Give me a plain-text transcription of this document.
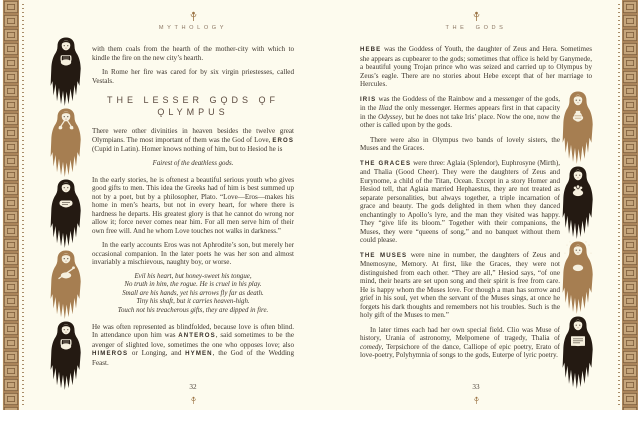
MYTHOLOGY

with them coals from the hearth of the mother-city with which to kindle the fire on the new city’s hearth.

In Rome her fire was cared for by six virgin priestesses, called Vestals.

THE LESSER GǪDS ǪF
ǪLYMPUS

There were other divinities in heaven besides the twelve great Olympians. The most important of them was the God of Love, EROS (Cupid in Latin). Homer knows nothing of him, but to Hesiod he is

Fairest of the deathless gods.

In the early stories, he is oftenest a beautiful serious youth who gives good gifts to men. This idea the Greeks had of him is best summed up not by a poet, but by a philosopher, Plato. “Love—Eros—makes his home in men’s hearts, but not in every heart, for where there is hardness he departs. His greatest glory is that he cannot do wrong nor allow it; force never comes near him. For all men serve him of their own free will. And he whom Love touches not walks in darkness.”

In the early accounts Eros was not Aphrodite’s son, but merely her occasional companion. In the later poets he was her son and almost invariably a mischievous, naughty boy, or worse.

Evil his heart, but honey-sweet his tongue,
No truth in him, the rogue. He is cruel in his play.
Small are his hands, yet his arrows fly far as death.
Tiny his shaft, but it carries heaven-high.
Touch not his treacherous gifts, they are dipped in fire.

He was often represented as blindfolded, because love is often blind. In attendance upon him was ANTEROS, said sometimes to be the avenger of slighted love, sometimes the one who opposes love; also HIMEROS or Longing, and HYMEN, the God of the Wedding Feast.

32
THE GODS

HEBE was the Goddess of Youth, the daughter of Zeus and Hera. Sometimes she appears as cupbearer to the gods; sometimes that office is held by Ganymede, a beautiful young Trojan prince who was seized and carried up to Olympus by Zeus’s eagle. There are no stories about Hebe except that of her marriage to Hercules.

IRIS was the Goddess of the Rainbow and a messenger of the gods, in the Iliad the only messenger. Hermes appears first in that capacity in the Odyssey, but he does not take Iris’ place. Now the one, now the other is called upon by the gods.

There were also in Olympus two bands of lovely sisters, the Muses and the Graces.

THE GRACES were three: Aglaia (Splendor), Euphrosyne (Mirth), and Thalia (Good Cheer). They were the daughters of Zeus and Eurynome, a child of the Titan, Ocean. Except in a story Homer and Hesiod tell, that Aglaia married Hephaestus, they are not treated as separate personalities, but always together, a triple incarnation of grace and beauty. The gods delighted in them when they danced enchantingly to Apollo’s lyre, and the man they visited was happy. They “give life its bloom.” Together with their companions, the Muses, they were “queens of song,” and no banquet without them could please.

THE MUSES were nine in number, the daughters of Zeus and Mnemosyne, Memory. At first, like the Graces, they were not distinguished from each other. “They are all,” Hesiod says, “of one mind, their hearts are set upon song and their spirit is free from care. He is happy whom the Muses love. For though a man has sorrow and grief in his soul, yet when the servant of the Muses sings, at once he forgets his dark thoughts and remembers not his troubles. Such is the holy gift of the Muses to men.”

In later times each had her own special field. Clio was Muse of history, Urania of astronomy, Melpomene of tragedy, Thalia of comedy, Terpsichore of the dance, Calliope of epic poetry, Erato of love-poetry, Polyhymnia of songs to the gods, Euterpe of lyric poetry.

33
